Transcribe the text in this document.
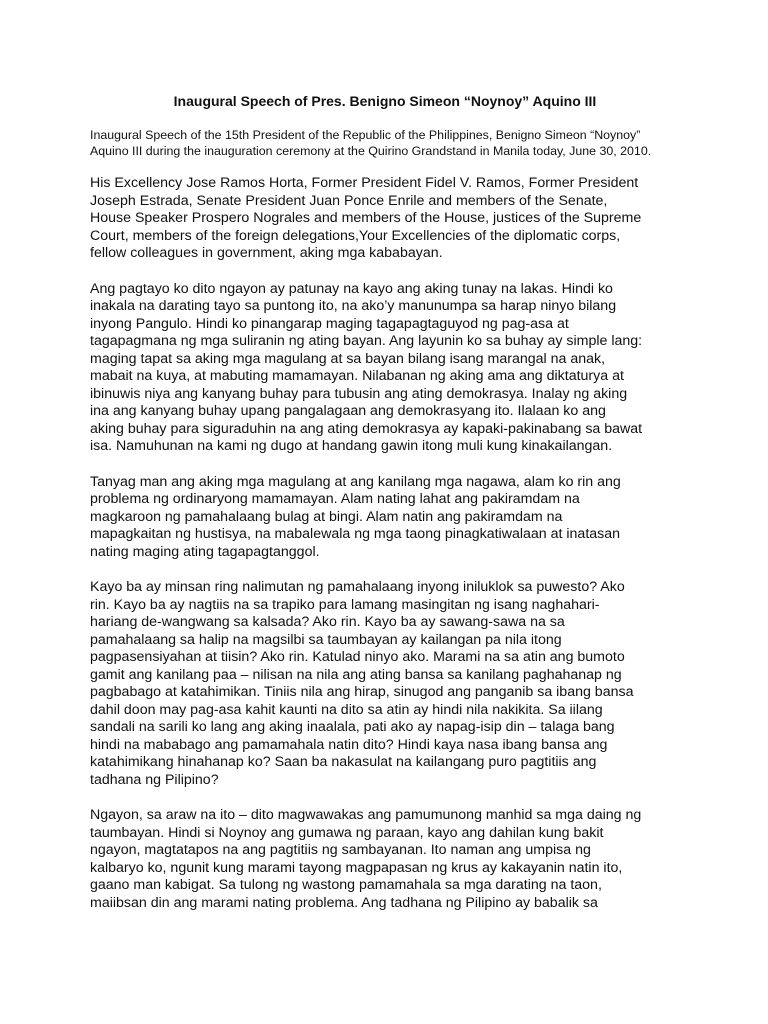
Inaugural Speech of Pres. Benigno Simeon “Noynoy” Aquino III
Inaugural Speech of the 15th President of the Republic of the Philippines, Benigno Simeon “Noynoy”
Aquino III during the inauguration ceremony at the Quirino Grandstand in Manila today, June 30, 2010.
His Excellency Jose Ramos Horta, Former President Fidel V. Ramos, Former President
Joseph Estrada, Senate President Juan Ponce Enrile and members of the Senate,
House Speaker Prospero Nograles and members of the House, justices of the Supreme
Court, members of the foreign delegations,Your Excellencies of the diplomatic corps,
fellow colleagues in government, aking mga kababayan.
Ang pagtayo ko dito ngayon ay patunay na kayo ang aking tunay na lakas. Hindi ko
inakala na darating tayo sa puntong ito, na ako’y manunumpa sa harap ninyo bilang
inyong Pangulo. Hindi ko pinangarap maging tagapagtaguyod ng pag-asa at
tagapagmana ng mga suliranin ng ating bayan. Ang layunin ko sa buhay ay simple lang:
maging tapat sa aking mga magulang at sa bayan bilang isang marangal na anak,
mabait na kuya, at mabuting mamamayan. Nilabanan ng aking ama ang diktaturya at
ibinuwis niya ang kanyang buhay para tubusin ang ating demokrasya. Inalay ng aking
ina ang kanyang buhay upang pangalagaan ang demokrasyang ito. Ilalaan ko ang
aking buhay para siguraduhin na ang ating demokrasya ay kapaki-pakinabang sa bawat
isa. Namuhunan na kami ng dugo at handang gawin itong muli kung kinakailangan.
Tanyag man ang aking mga magulang at ang kanilang mga nagawa, alam ko rin ang
problema ng ordinaryong mamamayan. Alam nating lahat ang pakiramdam na
magkaroon ng pamahalaang bulag at bingi. Alam natin ang pakiramdam na
mapagkaitan ng hustisya, na mabalewala ng mga taong pinagkatiwalaan at inatasan
nating maging ating tagapagtanggol.
Kayo ba ay minsan ring nalimutan ng pamahalaang inyong iniluklok sa puwesto? Ako
rin. Kayo ba ay nagtiis na sa trapiko para lamang masingitan ng isang naghahari-
hariang de-wangwang sa kalsada? Ako rin. Kayo ba ay sawang-sawa na sa
pamahalaang sa halip na magsilbi sa taumbayan ay kailangan pa nila itong
pagpasensiyahan at tiisin? Ako rin. Katulad ninyo ako. Marami na sa atin ang bumoto
gamit ang kanilang paa – nilisan na nila ang ating bansa sa kanilang paghahanap ng
pagbabago at katahimikan. Tiniis nila ang hirap, sinugod ang panganib sa ibang bansa
dahil doon may pag-asa kahit kaunti na dito sa atin ay hindi nila nakikita. Sa iilang
sandali na sarili ko lang ang aking inaalala, pati ako ay napag-isip din – talaga bang
hindi na mababago ang pamamahala natin dito? Hindi kaya nasa ibang bansa ang
katahimikang hinahanap ko? Saan ba nakasulat na kailangang puro pagtitiis ang
tadhana ng Pilipino?
Ngayon, sa araw na ito – dito magwawakas ang pamumunong manhid sa mga daing ng
taumbayan. Hindi si Noynoy ang gumawa ng paraan, kayo ang dahilan kung bakit
ngayon, magtatapos na ang pagtitiis ng sambayanan. Ito naman ang umpisa ng
kalbaryo ko, ngunit kung marami tayong magpapasan ng krus ay kakayanin natin ito,
gaano man kabigat. Sa tulong ng wastong pamamahala sa mga darating na taon,
maiibsan din ang marami nating problema. Ang tadhana ng Pilipino ay babalik sa
